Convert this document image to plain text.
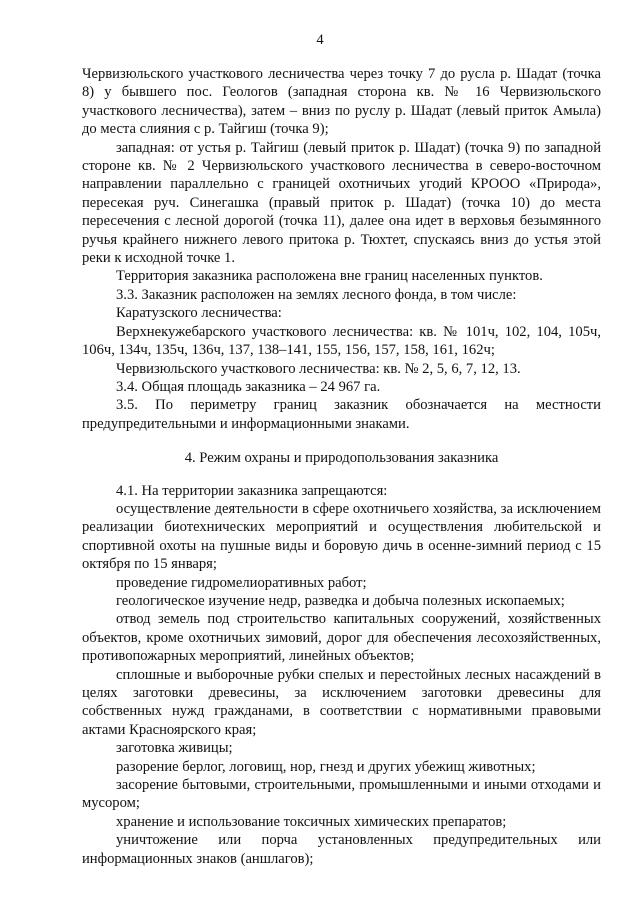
4

Червизюльского участкового лесничества через точку 7 до русла р. Шадат (точка 8) у бывшего пос. Геологов (западная сторона кв. № 16 Червизюльского участкового лесничества), затем – вниз по руслу р. Шадат (левый приток Амыла) до места слияния с р. Тайгиш (точка 9);

западная: от устья р. Тайгиш (левый приток р. Шадат) (точка 9) по западной стороне кв. № 2 Червизюльского участкового лесничества в северо-восточном направлении параллельно с границей охотничьих угодий КРООО «Природа», пересекая руч. Синегашка (правый приток р. Шадат) (точка 10) до места пересечения с лесной дорогой (точка 11), далее она идет в верховья безымянного ручья крайнего нижнего левого притока р. Тюхтет, спускаясь вниз до устья этой реки к исходной точке 1.

Территория заказника расположена вне границ населенных пунктов.

3.3. Заказник расположен на землях лесного фонда, в том числе:

Каратузского лесничества:

Верхнекужебарского участкового лесничества: кв. № 101ч, 102, 104, 105ч, 106ч, 134ч, 135ч, 136ч, 137, 138–141, 155, 156, 157, 158, 161, 162ч;

Червизюльского участкового лесничества: кв. № 2, 5, 6, 7, 12, 13.

3.4. Общая площадь заказника – 24 967 га.

3.5. По периметру границ заказник обозначается на местности предупредительными и информационными знаками.

4. Режим охраны и природопользования заказника

4.1. На территории заказника запрещаются:

осуществление деятельности в сфере охотничьего хозяйства, за исключением реализации биотехнических мероприятий и осуществления любительской и спортивной охоты на пушные виды и боровую дичь в осенне-зимний период с 15 октября по 15 января;

проведение гидромелиоративных работ;

геологическое изучение недр, разведка и добыча полезных ископаемых;

отвод земель под строительство капитальных сооружений, хозяйственных объектов, кроме охотничьих зимовий, дорог для обеспечения лесохозяйственных, противопожарных мероприятий, линейных объектов;

сплошные и выборочные рубки спелых и перестойных лесных насаждений в целях заготовки древесины, за исключением заготовки древесины для собственных нужд гражданами, в соответствии с нормативными правовыми актами Красноярского края;

заготовка живицы;

разорение берлог, логовищ, нор, гнезд и других убежищ животных;

засорение бытовыми, строительными, промышленными и иными отходами и мусором;

хранение и использование токсичных химических препаратов;

уничтожение или порча установленных предупредительных или информационных знаков (аншлагов);
